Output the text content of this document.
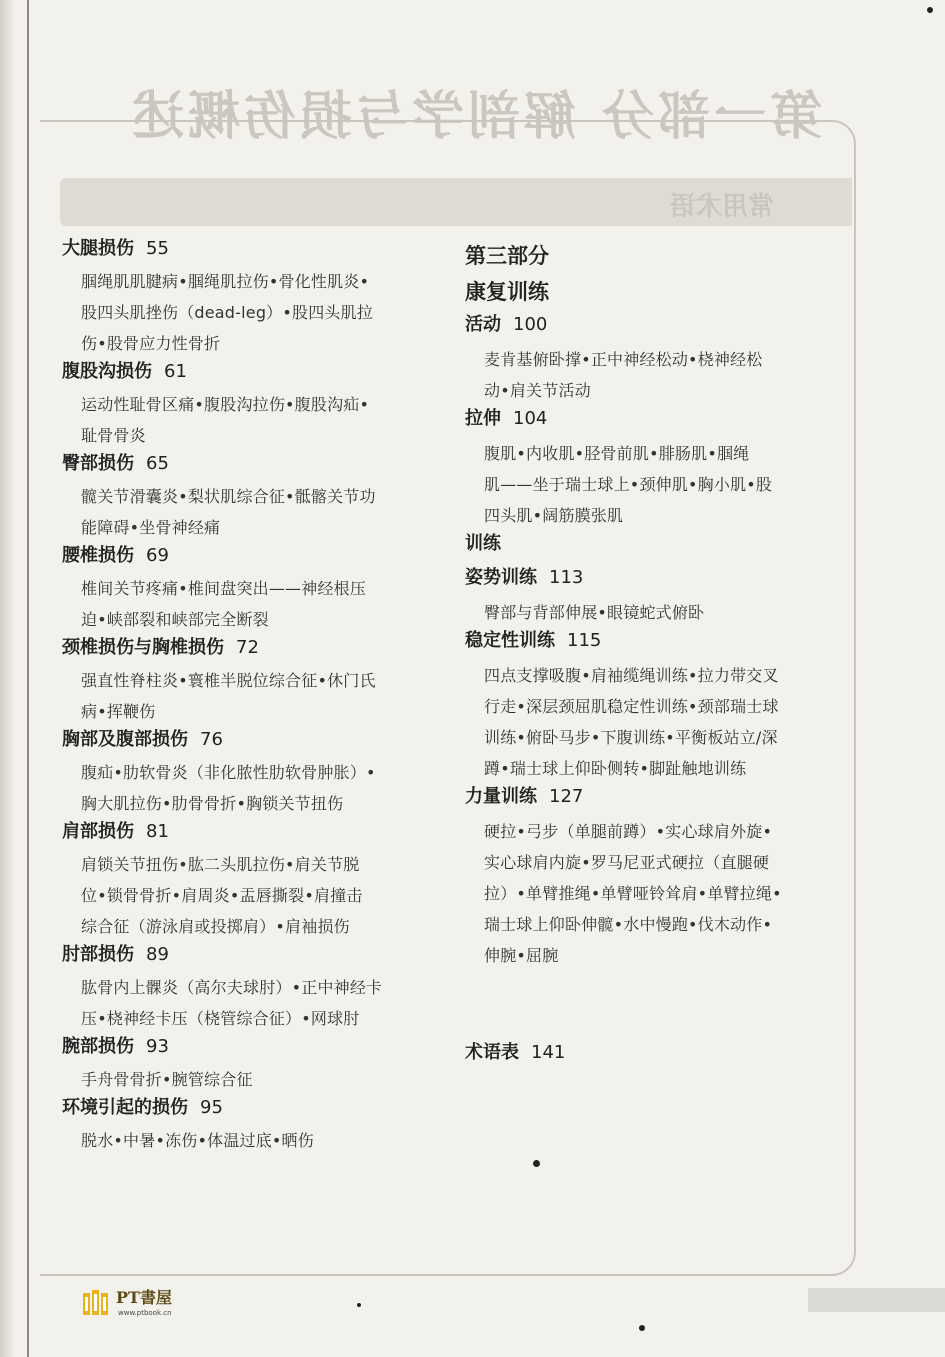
第一部分 解剖学与损伤概述
常用术语
大腿损伤 55
腘绳肌肌腱病•腘绳肌拉伤•骨化性肌炎•
股四头肌挫伤（dead-leg）•股四头肌拉
伤•股骨应力性骨折
腹股沟损伤 61
运动性耻骨区痛•腹股沟拉伤•腹股沟疝•
耻骨骨炎
臀部损伤 65
髋关节滑囊炎•梨状肌综合征•骶髂关节功
能障碍•坐骨神经痛
腰椎损伤 69
椎间关节疼痛•椎间盘突出——神经根压
迫•峡部裂和峡部完全断裂
颈椎损伤与胸椎损伤 72
强直性脊柱炎•寰椎半脱位综合征•休门氏
病•挥鞭伤
胸部及腹部损伤 76
腹疝•肋软骨炎（非化脓性肋软骨肿胀）•
胸大肌拉伤•肋骨骨折•胸锁关节扭伤
肩部损伤 81
肩锁关节扭伤•肱二头肌拉伤•肩关节脱
位•锁骨骨折•肩周炎•盂唇撕裂•肩撞击
综合征（游泳肩或投掷肩）•肩袖损伤
肘部损伤 89
肱骨内上髁炎（高尔夫球肘）•正中神经卡
压•桡神经卡压（桡管综合征）•网球肘
腕部损伤 93
手舟骨骨折•腕管综合征
环境引起的损伤 95
脱水•中暑•冻伤•体温过底•晒伤
第三部分
康复训练
活动 100
麦肯基俯卧撑•正中神经松动•桡神经松
动•肩关节活动
拉伸 104
腹肌•内收肌•胫骨前肌•腓肠肌•腘绳
肌——坐于瑞士球上•颈伸肌•胸小肌•股
四头肌•阔筋膜张肌
训练
姿势训练 113
臀部与背部伸展•眼镜蛇式俯卧
稳定性训练 115
四点支撑吸腹•肩袖缆绳训练•拉力带交叉
行走•深层颈屈肌稳定性训练•颈部瑞士球
训练•俯卧马步•下腹训练•平衡板站立/深
蹲•瑞士球上仰卧侧转•脚趾触地训练
力量训练 127
硬拉•弓步（单腿前蹲）•实心球肩外旋•
实心球肩内旋•罗马尼亚式硬拉（直腿硬
拉）•单臂推绳•单臂哑铃耸肩•单臂拉绳•
瑞士球上仰卧伸髋•水中慢跑•伐木动作•
伸腕•屈腕
术语表 141
PT書屋
www.ptbook.cn
